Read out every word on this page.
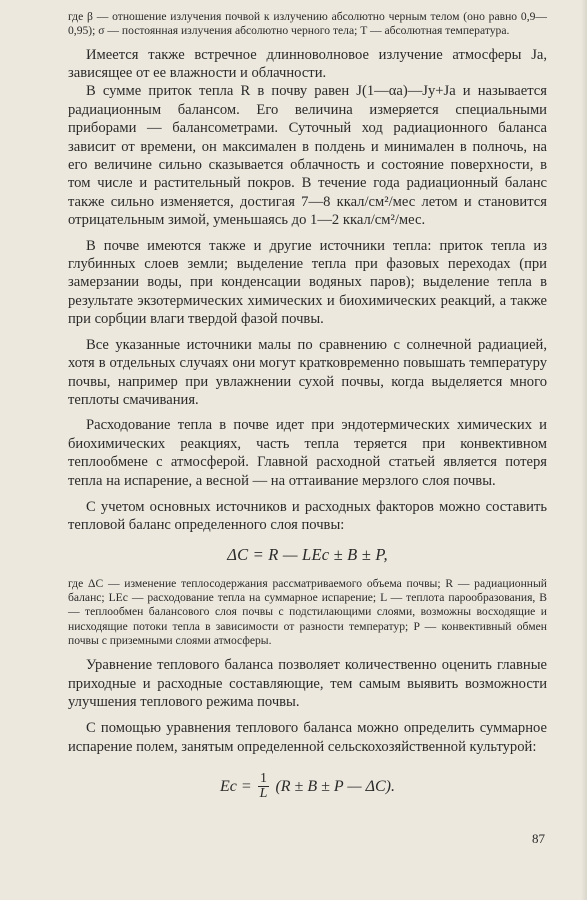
где β — отношение излучения почвой к излучению абсолютно черным телом (оно равно 0,9—0,95); σ — постоянная излучения абсолютно черного тела; T — абсолютная температура.

Имеется также встречное длинноволновое излучение атмосферы Ja, зависящее от ее влажности и облачности.

В сумме приток тепла R в почву равен J(1—αa)—Jy+Ja и называется радиационным балансом. Его величина измеряется специальными приборами — балансометрами. Суточный ход радиационного баланса зависит от времени, он максимален в полдень и минимален в полночь, на его величине сильно сказывается облачность и состояние поверхности, в том числе и растительный покров. В течение года радиационный баланс также сильно изменяется, достигая 7—8 ккал/см²/мес летом и становится отрицательным зимой, уменьшаясь до 1—2 ккал/см²/мес.

В почве имеются также и другие источники тепла: приток тепла из глубинных слоев земли; выделение тепла при фазовых переходах (при замерзании воды, при конденсации водяных паров); выделение тепла в результате экзотермических химических и биохимических реакций, а также при сорбции влаги твердой фазой почвы.

Все указанные источники малы по сравнению с солнечной радиацией, хотя в отдельных случаях они могут кратковременно повышать температуру почвы, например при увлажнении сухой почвы, когда выделяется много теплоты смачивания.

Расходование тепла в почве идет при эндотермических химических и биохимических реакциях, часть тепла теряется при конвективном теплообмене с атмосферой. Главной расходной статьей является потеря тепла на испарение, а весной — на оттаивание мерзлого слоя почвы.

С учетом основных источников и расходных факторов можно составить тепловой баланс определенного слоя почвы:

ΔC = R — LEc ± B ± P,

где ΔC — изменение теплосодержания рассматриваемого объема почвы; R — радиационный баланс; LEc — расходование тепла на суммарное испарение; L — теплота парообразования, B — теплообмен балансового слоя почвы с подстилающими слоями, возможны восходящие и нисходящие потоки тепла в зависимости от разности температур; P — конвективный обмен почвы с приземными слоями атмосферы.

Уравнение теплового баланса позволяет количественно оценить главные приходные и расходные составляющие, тем самым выявить возможности улучшения теплового режима почвы.

С помощью уравнения теплового баланса можно определить суммарное испарение полем, занятым определенной сельскохозяйственной культурой:

$Ec = \frac{1}{L} (R \pm B \pm P$ — ΔC).
87
